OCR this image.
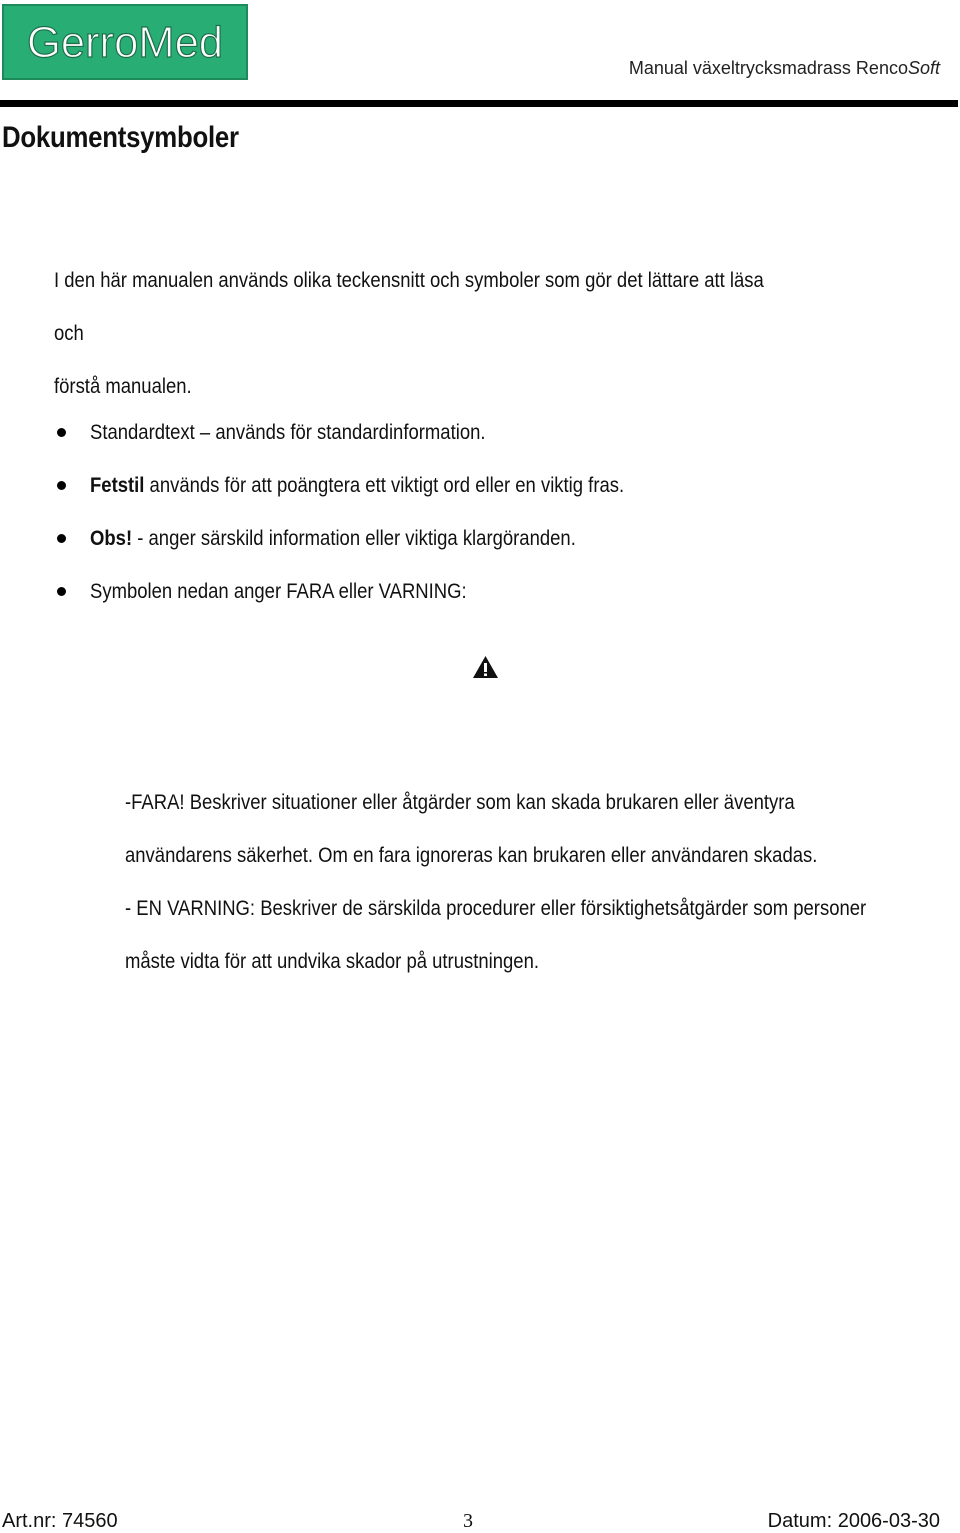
GerroMed
Manual växeltrycksmadrass RencoSoft
Dokumentsymboler
I den här manualen används olika teckensnitt och symboler som gör det lättare att läsa och
förstå manualen.
Standardtext – används för standardinformation.
Fetstil används för att poängtera ett viktigt ord eller en viktig fras.
Obs! - anger särskild information eller viktiga klargöranden.
Symbolen nedan anger FARA eller VARNING:
-FARA! Beskriver situationer eller åtgärder som kan skada brukaren eller äventyra
användarens säkerhet. Om en fara ignoreras kan brukaren eller användaren skadas.
- EN VARNING: Beskriver de särskilda procedurer eller försiktighetsåtgärder som personer
måste vidta för att undvika skador på utrustningen.
Art.nr: 74560	3	Datum: 2006-03-30
